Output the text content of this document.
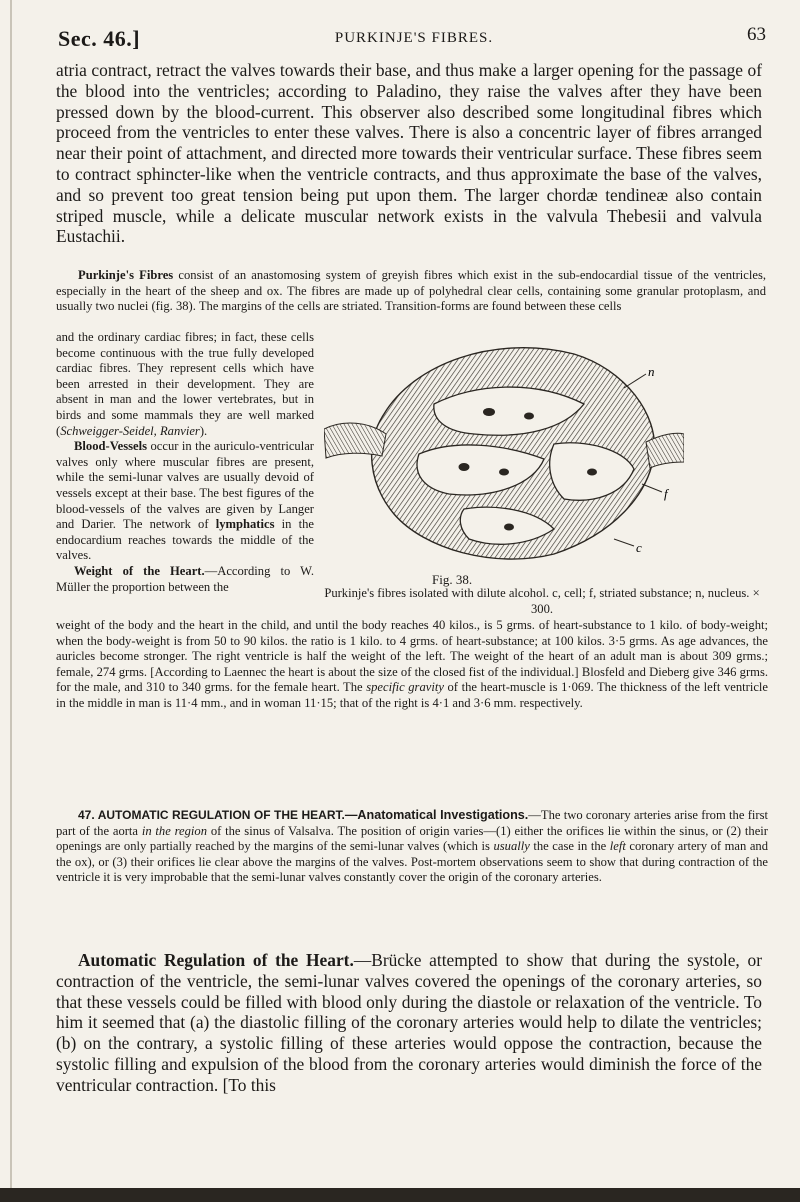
Sec. 46.]	PURKINJE'S FIBRES.	63

atria contract, retract the valves towards their base, and thus make a larger opening for the passage of the blood into the ventricles; according to Paladino, they raise the valves after they have been pressed down by the blood-current. This observer also described some longitudinal fibres which proceed from the ventricles to enter these valves. There is also a concentric layer of fibres arranged near their point of attachment, and directed more towards their ventricular surface. These fibres seem to contract sphincter-like when the ventricle contracts, and thus approximate the base of the valves, and so prevent too great tension being put upon them. The larger chordæ tendineæ also contain striped muscle, while a delicate muscular network exists in the valvula Thebesii and valvula Eustachii.

Purkinje's Fibres consist of an anastomosing system of greyish fibres which exist in the sub-endocardial tissue of the ventricles, especially in the heart of the sheep and ox. The fibres are made up of polyhedral clear cells, containing some granular protoplasm, and usually two nuclei (fig. 38). The margins of the cells are striated. Transition-forms are found between these cells

and the ordinary cardiac fibres; in fact, these cells become continuous with the true fully developed cardiac fibres. They represent cells which have been arrested in their development. They are absent in man and the lower vertebrates, but in birds and some mammals they are well marked (Schweigger-Seidel, Ranvier).

Blood-Vessels occur in the auriculo-ventricular valves only where muscular fibres are present, while the semi-lunar valves are usually devoid of vessels except at their base. The best figures of the blood-vessels of the valves are given by Langer and Darier. The network of lymphatics in the endocardium reaches towards the middle of the valves.

Weight of the Heart.—According to W. Müller the proportion between the

n
f
c
Fig. 38.
Purkinje's fibres isolated with dilute alcohol. c, cell; f, striated substance; n, nucleus. × 300.
weight of the body and the heart in the child, and until the body reaches 40 kilos., is 5 grms. of heart-substance to 1 kilo. of body-weight; when the body-weight is from 50 to 90 kilos. the ratio is 1 kilo. to 4 grms. of heart-substance; at 100 kilos. 3·5 grms. As age advances, the auricles become stronger. The right ventricle is half the weight of the left. The weight of the heart of an adult man is about 309 grms.; female, 274 grms. [According to Laennec the heart is about the size of the closed fist of the individual.] Blosfeld and Dieberg give 346 grms. for the male, and 310 to 340 grms. for the female heart. The specific gravity of the heart-muscle is 1·069. The thickness of the left ventricle in the middle in man is 11·4 mm., and in woman 11·15; that of the right is 4·1 and 3·6 mm. respectively.
47. AUTOMATIC REGULATION OF THE HEART.—Anatomatical Investigations.—The two coronary arteries arise from the first part of the aorta in the region of the sinus of Valsalva. The position of origin varies—(1) either the orifices lie within the sinus, or (2) their openings are only partially reached by the margins of the semi-lunar valves (which is usually the case in the left coronary artery of man and the ox), or (3) their orifices lie clear above the margins of the valves. Post-mortem observations seem to show that during contraction of the ventricle it is very improbable that the semi-lunar valves constantly cover the origin of the coronary arteries.
Automatic Regulation of the Heart.—Brücke attempted to show that during the systole, or contraction of the ventricle, the semi-lunar valves covered the openings of the coronary arteries, so that these vessels could be filled with blood only during the diastole or relaxation of the ventricle. To him it seemed that (a) the diastolic filling of the coronary arteries would help to dilate the ventricles; (b) on the contrary, a systolic filling of these arteries would oppose the contraction, because the systolic filling and expulsion of the blood from the coronary arteries would diminish the force of the ventricular contraction. [To this
